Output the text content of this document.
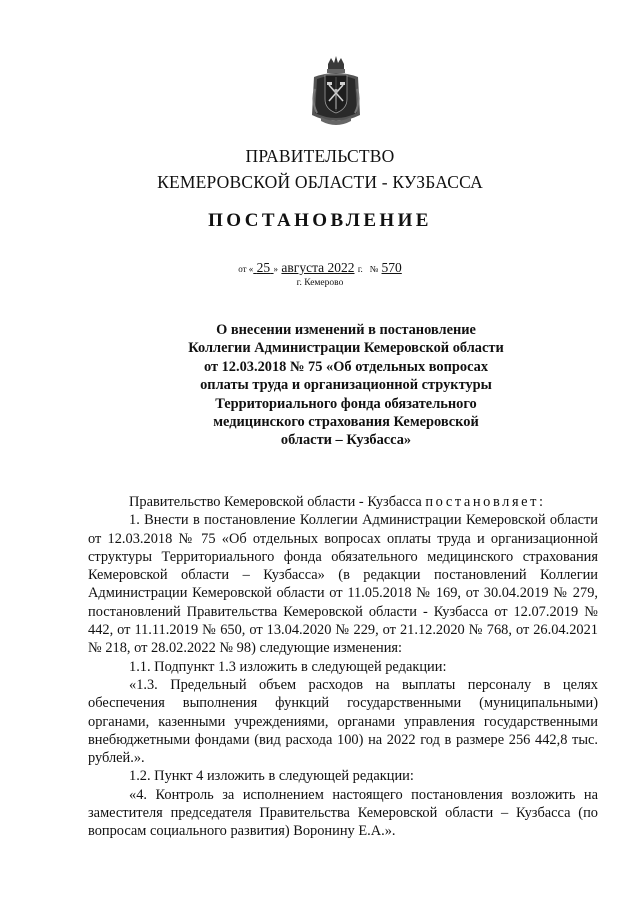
ПРАВИТЕЛЬСТВО
КЕМЕРОВСКОЙ ОБЛАСТИ - КУЗБАССА
ПОСТАНОВЛЕНИЕ
от « 25 » августа 2022 г. № 570
г. Кемерово
О внесении изменений в постановление
Коллегии Администрации Кемеровской области
от 12.03.2018 № 75 «Об отдельных вопросах
оплаты труда и организационной структуры
Территориального фонда обязательного
медицинского страхования Кемеровской
области – Кузбасса»
Правительство Кемеровской области - Кузбасса постановляет:
1. Внести в постановление Коллегии Администрации Кемеровской области от 12.03.2018 № 75 «Об отдельных вопросах оплаты труда и организационной структуры Территориального фонда обязательного медицинского страхования Кемеровской области – Кузбасса» (в редакции постановлений Коллегии Администрации Кемеровской области от 11.05.2018 № 169, от 30.04.2019 № 279, постановлений Правительства Кемеровской области - Кузбасса от 12.07.2019 № 442, от 11.11.2019 № 650, от 13.04.2020 № 229, от 21.12.2020 № 768, от 26.04.2021 № 218, от 28.02.2022 № 98) следующие изменения:
1.1. Подпункт 1.3 изложить в следующей редакции:
«1.3. Предельный объем расходов на выплаты персоналу в целях обеспечения выполнения функций государственными (муниципальными) органами, казенными учреждениями, органами управления государственными внебюджетными фондами (вид расхода 100) на 2022 год в размере 256 442,8 тыс. рублей.».
1.2. Пункт 4 изложить в следующей редакции:
«4. Контроль за исполнением настоящего постановления возложить на заместителя председателя Правительства Кемеровской области – Кузбасса (по вопросам социального развития) Воронину Е.А.».
